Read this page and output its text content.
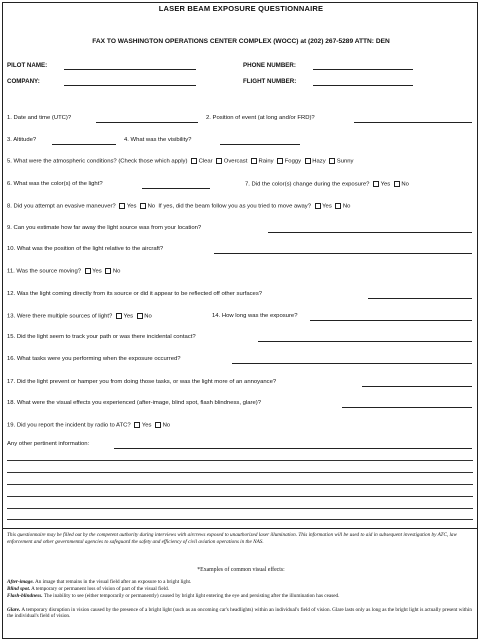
LASER BEAM EXPOSURE QUESTIONNAIRE
FAX TO WASHINGTON OPERATIONS CENTER COMPLEX (WOCC) at (202) 267-5289 ATTN: DEN
PILOT NAME:	PHONE NUMBER:
COMPANY:	FLIGHT NUMBER:
1. Date and time (UTC)?	2. Position of event (at long and/or FRD)?
3. Altitude?	4. What was the visibility?
5. What were the atmospheric conditions? (Check those which apply) Clear Overcast Rainy Foggy Hazy Sunny
6. What was the color(s) of the light?	7. Did the color(s) change during the exposure? Yes No
8. Did you attempt an evasive maneuver? Yes No If yes, did the beam follow you as you tried to move away? Yes No
9. Can you estimate how far away the light source was from your location?
10. What was the position of the light relative to the aircraft?
11. Was the source moving? Yes No
12. Was the light coming directly from its source or did it appear to be reflected off other surfaces?
13. Were there multiple sources of light? Yes No	14. How long was the exposure?
15. Did the light seem to track your path or was there incidental contact?
16. What tasks were you performing when the exposure occurred?
17. Did the light prevent or hamper you from doing those tasks, or was the light more of an annoyance?
18. What were the visual effects you experienced (after-image, blind spot, flash blindness, glare)?
19. Did you report the incident by radio to ATC? Yes No
Any other pertinent information:
This questionnaire may be filled out by the competent authority during interviews with aircrews exposed to unauthorized laser illumination. This information will be used to aid in subsequent investigation by ATC, law enforcement and other governmental agencies to safeguard the safety and efficiency of civil aviation operations in the NAS.
*Examples of common visual effects:
After-image. An image that remains in the visual field after an exposure to a bright light.
Blind spot. A temporary or permanent loss of vision of part of the visual field.
Flash-blindness. The inability to see (either temporarily or permanently) caused by bright light entering the eye and persisting after the illumination has ceased.
Glare. A temporary disruption in vision caused by the presence of a bright light (such as an oncoming car's headlights) within an individual's field of vision. Glare lasts only as long as the bright light is actually present within the individual's field of vision.
